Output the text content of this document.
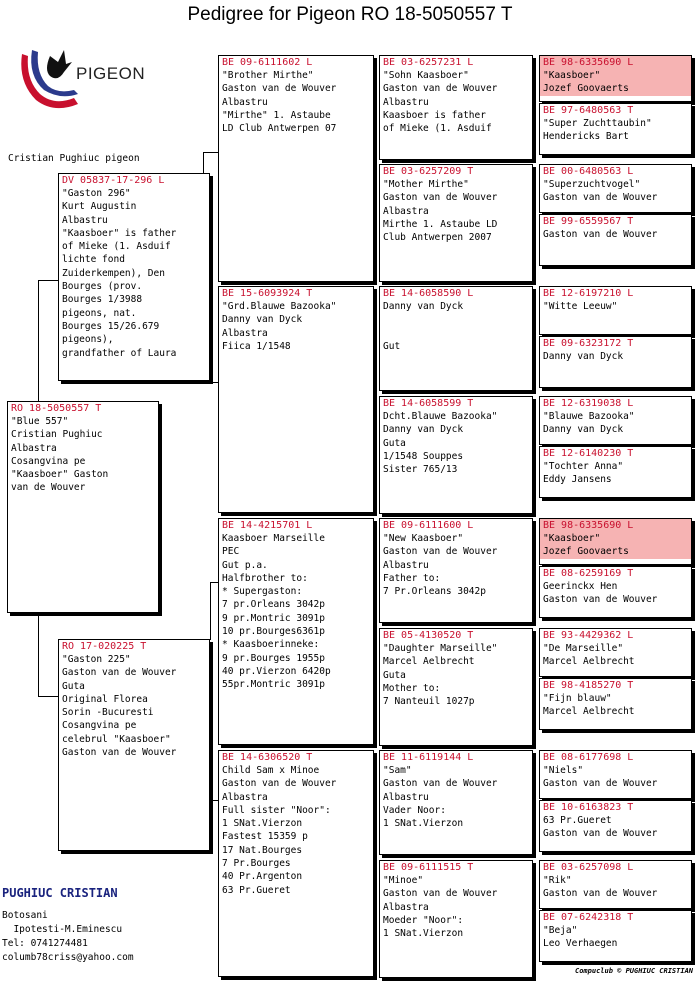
Pedigree for Pigeon RO 18-5050557 T
PIGEON
Cristian Pughiuc pigeon
RO 18-5050557 T
"Blue 557"
Cristian Pughiuc
Albastra
Cosangvina pe
"Kaasboer" Gaston
van de Wouver
DV 05837-17-296 L
"Gaston 296"
Kurt Augustin
Albastru
"Kaasboer" is father
of Mieke (1. Asduif
lichte fond
Zuiderkempen), Den
Bourges (prov.
Bourges 1/3988
pigeons, nat.
Bourges 15/26.679
pigeons),
grandfather of Laura
RO 17-020225 T
"Gaston 225"
Gaston van de Wouver
Guta
Original Florea
Sorin -Bucuresti
Cosangvina pe
celebrul "Kaasboer"
Gaston van de Wouver
BE 09-6111602 L
"Brother Mirthe"
Gaston van de Wouver
Albastru
"Mirthe" 1. Astaube
LD Club Antwerpen 07
BE 15-6093924 T
"Grd.Blauwe Bazooka"
Danny van Dyck
Albastra
Fiica 1/1548
BE 14-4215701 L
Kaasboer Marseille
PEC
Gut p.a.
Halfbrother to:
* Supergaston:
7 pr.Orleans 3042p
9 pr.Montric 3091p
10 pr.Bourges6361p
* Kaasboerinneke:
9 pr.Bourges 1955p
40 pr.Vierzon 6420p
55pr.Montric 3091p
BE 14-6306520 T
Child Sam x Minoe
Gaston van de Wouver
Albastra
Full sister "Noor":
1 SNat.Vierzon
Fastest 15359 p
17 Nat.Bourges
7 Pr.Bourges
40 Pr.Argenton
63 Pr.Gueret
BE 03-6257231 L
"Sohn Kaasboer"
Gaston van de Wouver
Albastru
Kaasboer is father
of Mieke (1. Asduif
BE 03-6257209 T
"Mother Mirthe"
Gaston van de Wouver
Albastra
Mirthe 1. Astaube LD
Club Antwerpen 2007
BE 14-6058590 L
Danny van Dyck

Gut
BE 14-6058599 T
Dcht.Blauwe Bazooka"
Danny van Dyck
Guta
1/1548 Souppes
Sister 765/13
BE 09-6111600 L
"New Kaasboer"
Gaston van de Wouver
Albastru
Father to:
7 Pr.Orleans 3042p
BE 05-4130520 T
"Daughter Marseille"
Marcel Aelbrecht
Guta
Mother to:
7 Nanteuil 1027p
BE 11-6119144 L
"Sam"
Gaston van de Wouver
Albastru
Vader Noor:
1 SNat.Vierzon
BE 09-6111515 T
"Minoe"
Gaston van de Wouver
Albastra
Moeder "Noor":
1 SNat.Vierzon
BE 98-6335690 L
"Kaasboer"
Jozef Goovaerts
BE 97-6480563 T
"Super Zuchttaubin"
Hendericks Bart
BE 00-6480563 L
"Superzuchtvogel"
Gaston van de Wouver
BE 99-6559567 T
Gaston van de Wouver
BE 12-6197210 L
"Witte Leeuw"
BE 09-6323172 T
Danny van Dyck
BE 12-6319038 L
"Blauwe Bazooka"
Danny van Dyck
BE 12-6140230 T
"Tochter Anna"
Eddy Jansens
BE 98-6335690 L
"Kaasboer"
Jozef Goovaerts
BE 08-6259169 T
Geerinckx Hen
Gaston van de Wouver
BE 93-4429362 L
"De Marseille"
Marcel Aelbrecht
BE 98-4185270 T
"Fijn blauw"
Marcel Aelbrecht
BE 08-6177698 L
"Niels"
Gaston van de Wouver
BE 10-6163823 T
63 Pr.Gueret
Gaston van de Wouver
BE 03-6257098 L
"Rik"
Gaston van de Wouver
BE 07-6242318 T
"Beja"
Leo Verhaegen
PUGHIUC CRISTIAN
Botosani
Ipotesti-M.Eminescu
Tel: 0741274481
columb78criss@yahoo.com
Compuclub © PUGHIUC CRISTIAN
